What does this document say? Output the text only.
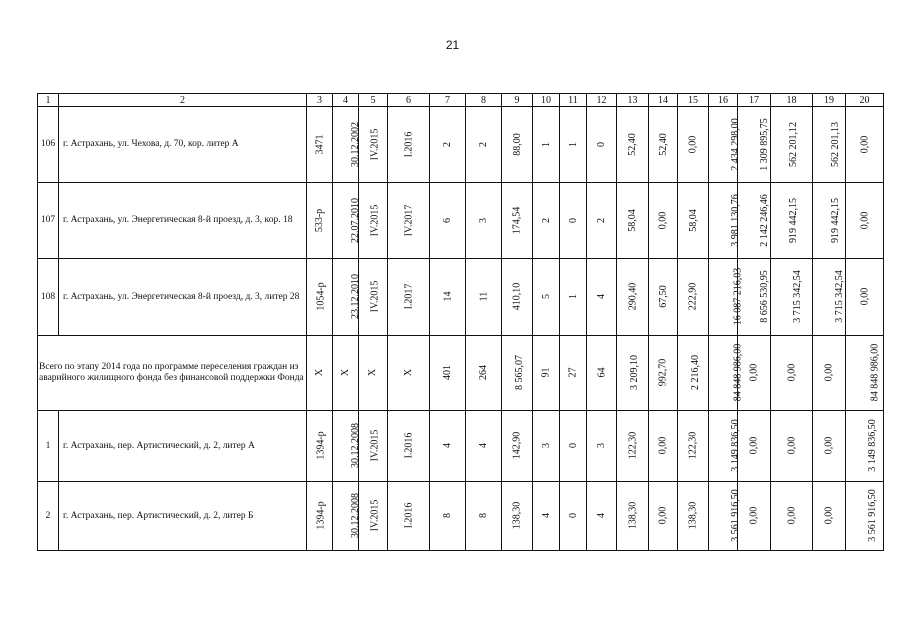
21
1	2	3	4	5	6	7	8	9	10	11	12	13	14	15	16	17	18	19	20
106	г. Астрахань, ул. Чехова, д. 70, кор. литер А	3471	30.12.2002	IV.2015	I.2016	2	2	88,00	1	1	0	52,40	52,40	0,00	2 434 298,00	1 309 895,75	562 201,12	562 201,13	0,00
107	г. Астрахань, ул. Энергетическая 8-й проезд, д. 3, кор. 18	533-р	22.07.2010	IV.2015	IV.2017	6	3	174,54	2	0	2	58,04	0,00	58,04	3 981 130,76	2 142 246,46	919 442,15	919 442,15	0,00
108	г. Астрахань, ул. Энергетическая 8-й проезд, д. 3, литер 28	1054-р	23.12.2010	IV.2015	I.2017	14	11	410,10	5	1	4	290,40	67,50	222,90	16 087 216,03	8 656 530,95	3 715 342,54	3 715 342,54	0,00
Всего по этапу 2014 года по программе переселения граждан из аварийного жилищного фонда без финансовой поддержки Фонда		X	X	X	X	401	264	8 565,07	91	27	64	3 209,10	992,70	2 216,40	84 848 986,00	0,00	0,00	0,00	84 848 986,00
1	г. Астрахань, пер. Артистический, д. 2, литер А	1394-р	30.12.2008	IV.2015	I.2016	4	4	142,90	3	0	3	122,30	0,00	122,30	3 149 836,50	0,00	0,00	0,00	3 149 836,50
2	г. Астрахань, пер. Артистический, д. 2, литер Б	1394-р	30.12.2008	IV.2015	I.2016	8	8	138,30	4	0	4	138,30	0,00	138,30	3 561 916,50	0,00	0,00	0,00	3 561 916,50
